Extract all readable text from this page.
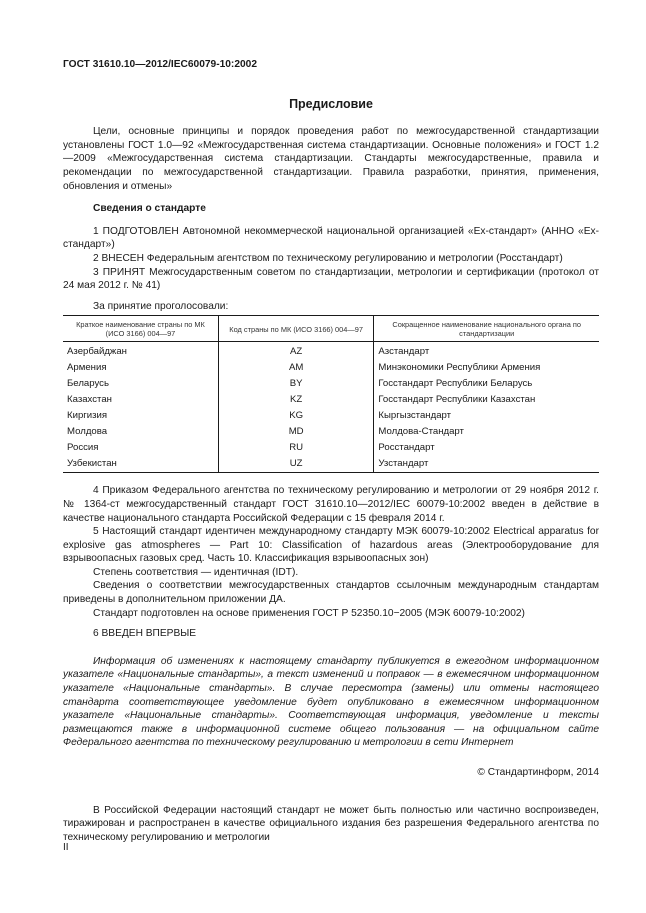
ГОСТ 31610.10—2012/IEC60079-10:2002

Предисловие

Цели, основные принципы и порядок проведения работ по межгосударственной стандартизации установлены ГОСТ 1.0—92 «Межгосударственная система стандартизации. Основные положения» и ГОСТ 1.2—2009 «Межгосударственная система стандартизации. Стандарты межгосударственные, правила и рекомендации по межгосударственной стандартизации. Правила разработки, принятия, применения, обновления и отмены»

Сведения о стандарте

1 ПОДГОТОВЛЕН Автономной некоммерческой национальной организацией «Ex-стандарт» (АННО «Ex-стандарт»)

2 ВНЕСЕН Федеральным агентством по техническому регулированию и метрологии (Росстандарт)

3 ПРИНЯТ Межгосударственным советом по стандартизации, метрологии и сертификации (протокол от 24 мая 2012 г. № 41)

За принятие проголосовали:

Краткое наименование страны по МК (ИСО 3166) 004—97	Код страны по МК (ИСО 3166) 004—97	Сокращенное наименование национального органа по стандартизации
Азербайджан	AZ	Азстандарт
Армения	AM	Минэкономики Республики Армения
Беларусь	BY	Госстандарт Республики Беларусь
Казахстан	KZ	Госстандарт Республики Казахстан
Киргизия	KG	Кыргызстандарт
Молдова	MD	Молдова-Стандарт
Россия	RU	Росстандарт
Узбекистан	UZ	Узстандарт

4 Приказом Федерального агентства по техническому регулированию и метрологии от 29 ноября 2012 г. № 1364-ст межгосударственный стандарт ГОСТ 31610.10—2012/IEC 60079-10:2002 введен в действие в качестве национального стандарта Российской Федерации с 15 февраля 2014 г.

5 Настоящий стандарт идентичен международному стандарту МЭК 60079-10:2002 Electrical apparatus for explosive gas atmospheres — Part 10: Classification of hazardous areas (Электрооборудование для взрывоопасных газовых сред. Часть 10. Классификация взрывоопасных зон)

Степень соответствия — идентичная (IDT).

Сведения о соответствии межгосударственных стандартов ссылочным международным стандартам приведены в дополнительном приложении ДА.

Стандарт подготовлен на основе применения ГОСТ Р 52350.10−2005 (МЭК 60079-10:2002)

6 ВВЕДЕН ВПЕРВЫЕ

Информация об изменениях к настоящему стандарту публикуется в ежегодном информационном указателе «Национальные стандарты», а текст изменений и поправок — в ежемесячном информационном указателе «Национальные стандарты». В случае пересмотра (замены) или отмены настоящего стандарта соответствующее уведомление будет опубликовано в ежемесячном информационном указателе «Национальные стандарты». Соответствующая информация, уведомление и тексты размещаются также в информационной системе общего пользования — на официальном сайте Федерального агентства по техническому регулированию и метрологии в сети Интернет

© Стандартинформ, 2014

В Российской Федерации настоящий стандарт не может быть полностью или частично воспроизведен, тиражирован и распространен в качестве официального издания без разрешения Федерального агентства по техническому регулированию и метрологии

II
